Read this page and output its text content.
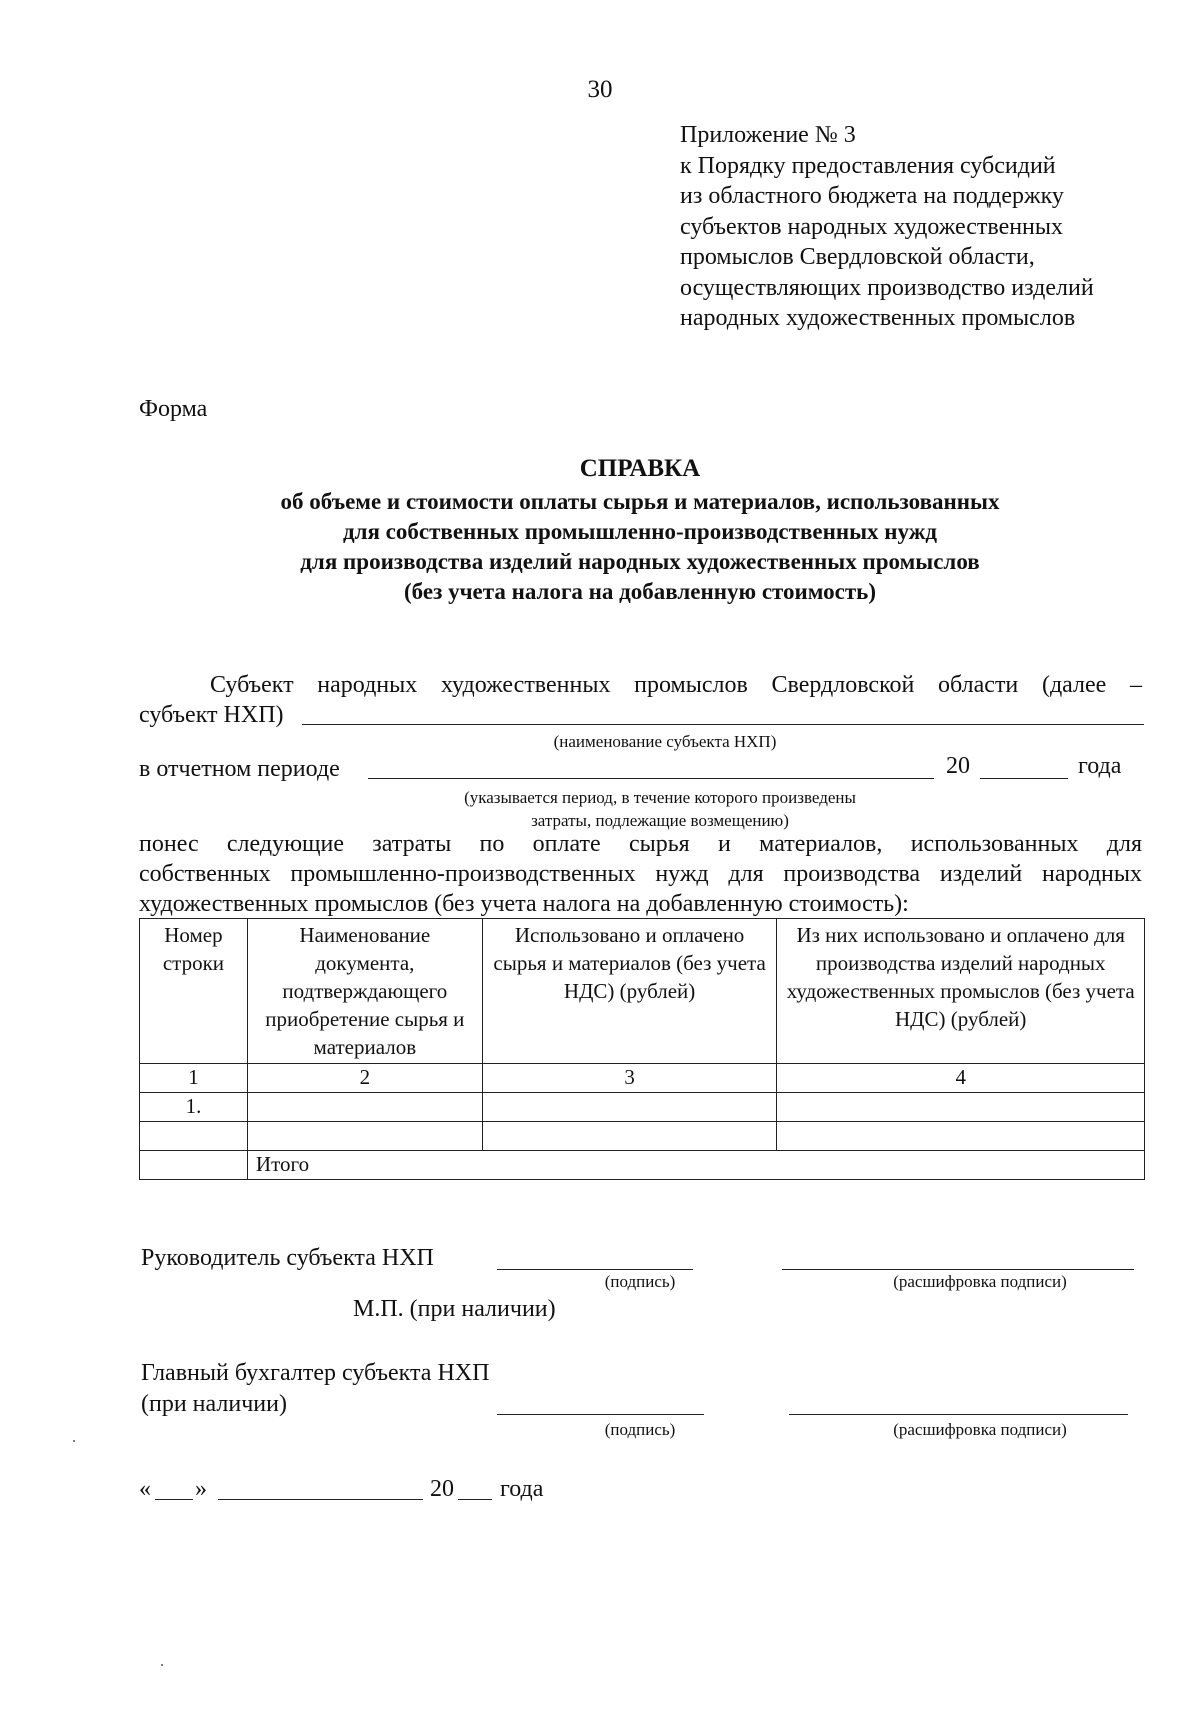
30
Приложение № 3
к Порядку предоставления субсидий
из областного бюджета на поддержку
субъектов народных художественных
промыслов Свердловской области,
осуществляющих производство изделий
народных художественных промыслов
Форма
СПРАВКА
об объеме и стоимости оплаты сырья и материалов, использованных
для собственных промышленно-производственных нужд
для производства изделий народных художественных промыслов
(без учета налога на добавленную стоимость)
Субъект народных художественных промыслов Свердловской области (далее –
субъект НХП)
(наименование субъекта НХП)
в отчетном периоде	20	года
(указывается период, в течение которого произведены
затраты, подлежащие возмещению)
понес следующие затраты по оплате сырья и материалов, использованных для
собственных промышленно-производственных нужд для производства изделий народных
художественных промыслов (без учета налога на добавленную стоимость):
Номер строки	Наименование документа, подтверждающего приобретение сырья и материалов	Использовано и оплачено сырья и материалов (без учета НДС) (рублей)	Из них использовано и оплачено для производства изделий народных художественных промыслов (без учета НДС) (рублей)
1	2	3	4
1.			

	Итого		
Руководитель субъекта НХП
(подпись)	(расшифровка подписи)
М.П. (при наличии)
Главный бухгалтер субъекта НХП
(при наличии)
(подпись)	(расшифровка подписи)
« »	20 года
